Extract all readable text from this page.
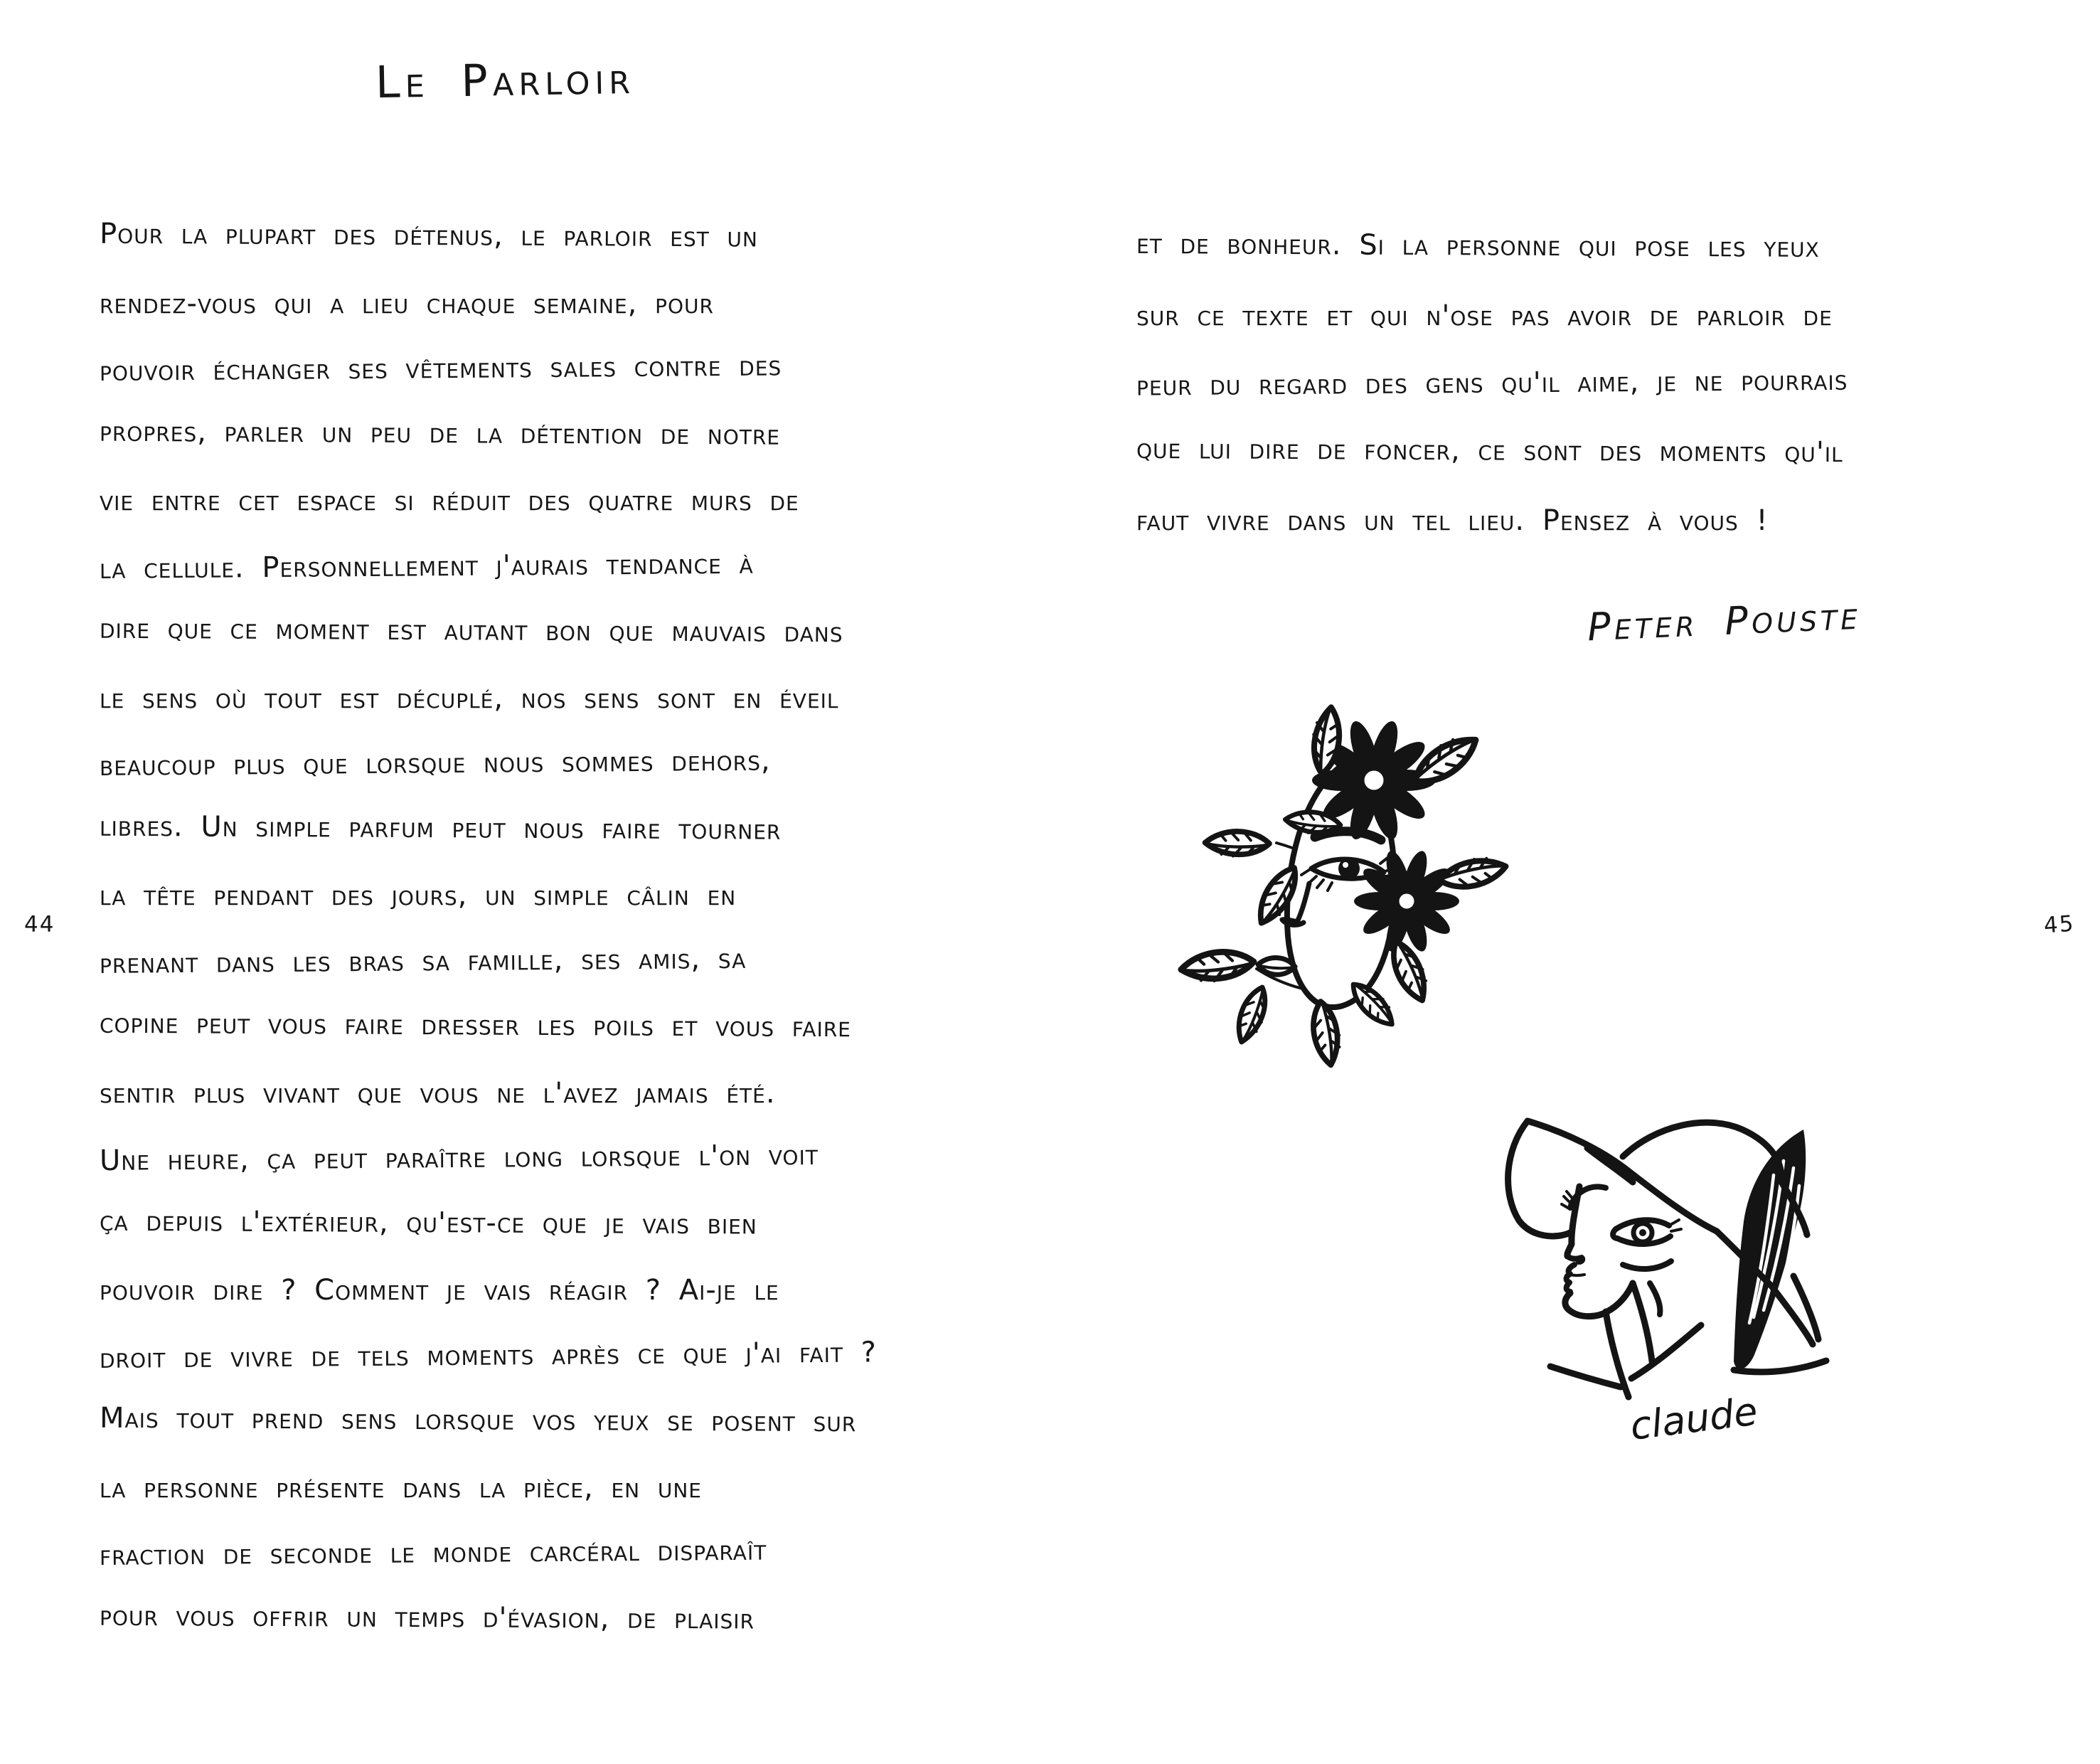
Le Parloir
Pour la plupart des détenus, le parloir est un
rendez-vous qui a lieu chaque semaine, pour
pouvoir échanger ses vêtements sales contre des
propres, parler un peu de la détention de notre
vie entre cet espace si réduit des quatre murs de
la cellule. Personnellement j'aurais tendance à
dire que ce moment est autant bon que mauvais dans
le sens où tout est décuplé, nos sens sont en éveil
beaucoup plus que lorsque nous sommes dehors,
libres. Un simple parfum peut nous faire tourner
la tête pendant des jours, un simple câlin en
prenant dans les bras sa famille, ses amis, sa
copine peut vous faire dresser les poils et vous faire
sentir plus vivant que vous ne l'avez jamais été.
Une heure, ça peut paraître long lorsque l'on voit
ça depuis l'extérieur, qu'est-ce que je vais bien
pouvoir dire ? Comment je vais réagir ? Ai-je le
droit de vivre de tels moments après ce que j'ai fait ?
Mais tout prend sens lorsque vos yeux se posent sur
la personne présente dans la pièce, en une
fraction de seconde le monde carcéral disparaît
pour vous offrir un temps d'évasion, de plaisir
44
et de bonheur. Si la personne qui pose les yeux
sur ce texte et qui n'ose pas avoir de parloir de
peur du regard des gens qu'il aime, je ne pourrais
que lui dire de foncer, ce sont des moments qu'il
faut vivre dans un tel lieu. Pensez à vous !
Peter Pouste
45
claude
